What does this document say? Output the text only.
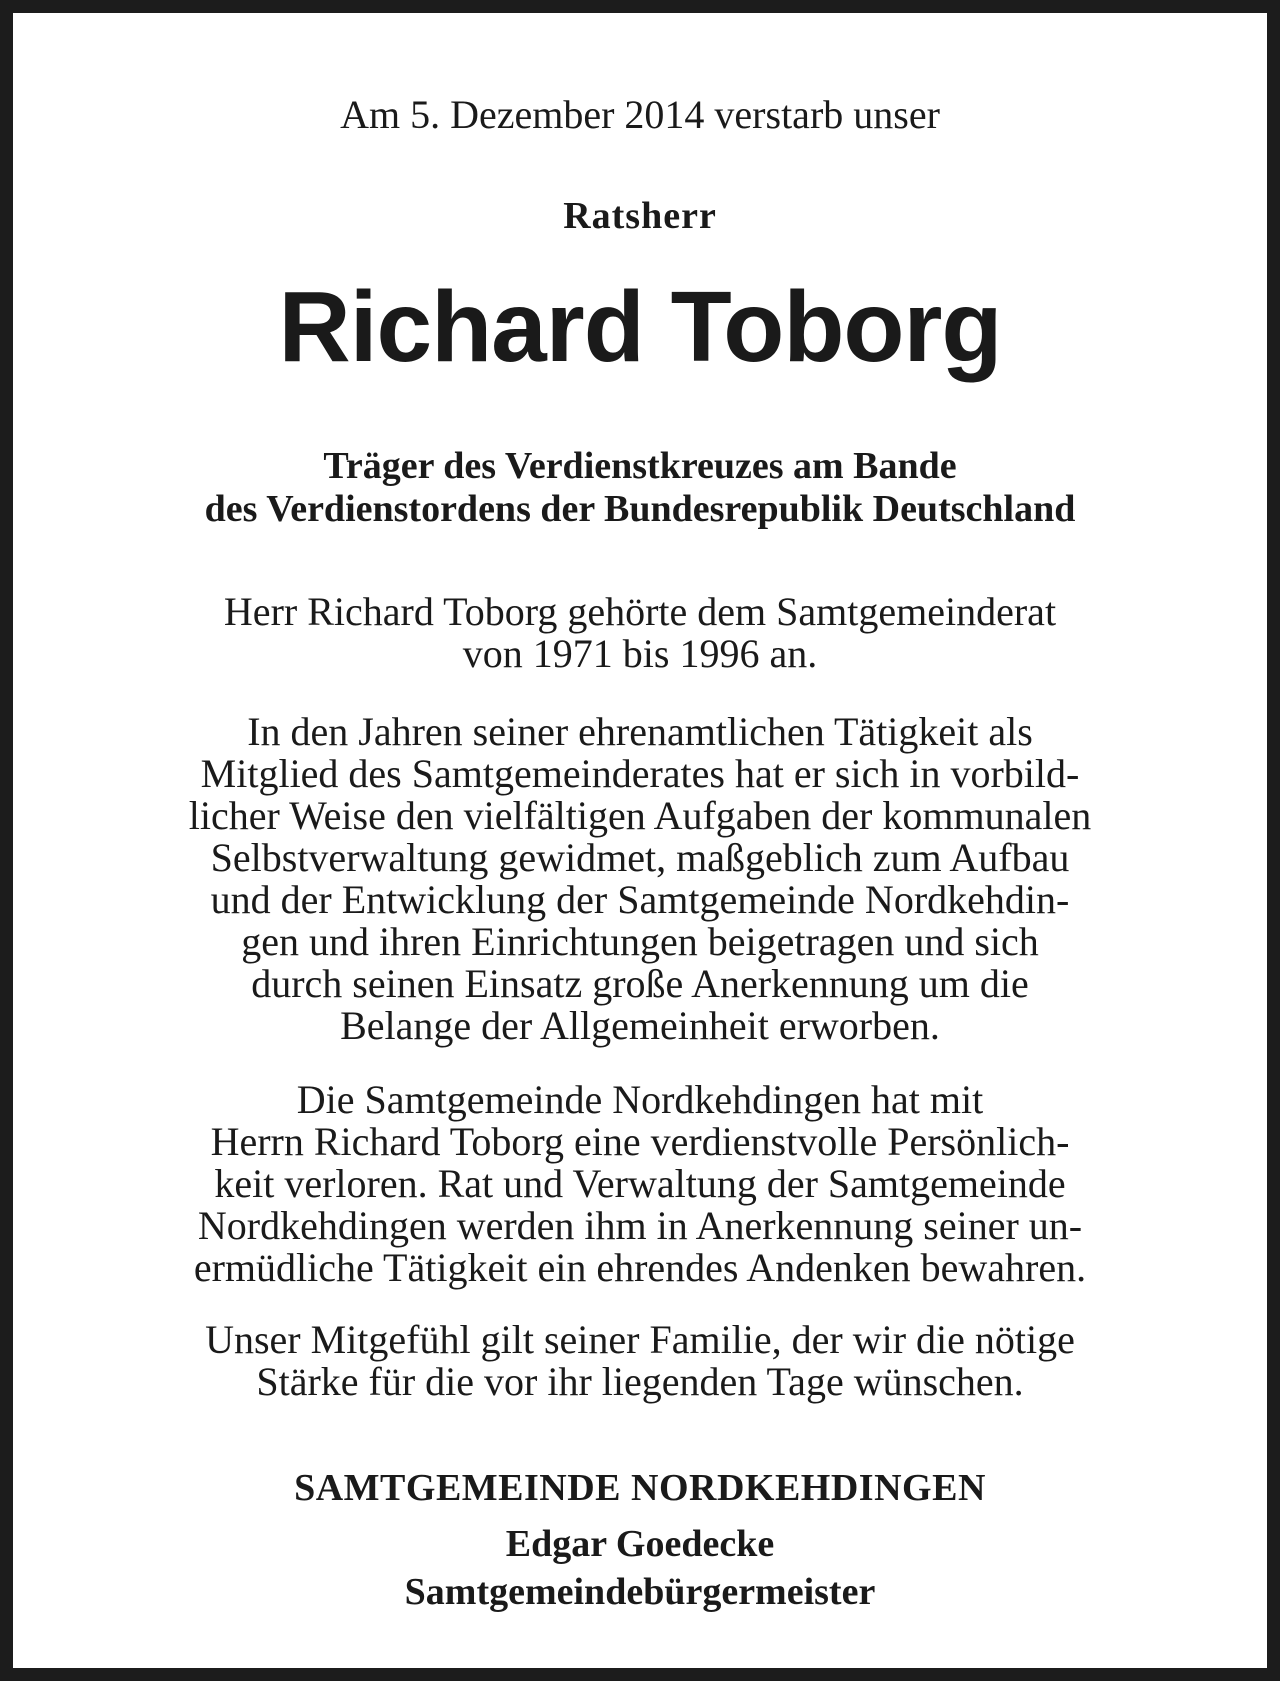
Am 5. Dezember 2014 verstarb unser
Ratsherr
Richard Toborg
Träger des Verdienstkreuzes am Bande
des Verdienstordens der Bundesrepublik Deutschland
Herr Richard Toborg gehörte dem Samtgemeinderat
von 1971 bis 1996 an.
In den Jahren seiner ehrenamtlichen Tätigkeit als
Mitglied des Samtgemeinderates hat er sich in vorbild-
licher Weise den vielfältigen Aufgaben der kommunalen
Selbstverwaltung gewidmet, maßgeblich zum Aufbau
und der Entwicklung der Samtgemeinde Nordkehdin-
gen und ihren Einrichtungen beigetragen und sich
durch seinen Einsatz große Anerkennung um die
Belange der Allgemeinheit erworben.
Die Samtgemeinde Nordkehdingen hat mit
Herrn Richard Toborg eine verdienstvolle Persönlich-
keit verloren. Rat und Verwaltung der Samtgemeinde
Nordkehdingen werden ihm in Anerkennung seiner un-
ermüdliche Tätigkeit ein ehrendes Andenken bewahren.
Unser Mitgefühl gilt seiner Familie, der wir die nötige
Stärke für die vor ihr liegenden Tage wünschen.
SAMTGEMEINDE NORDKEHDINGEN
Edgar Goedecke
Samtgemeindebürgermeister
